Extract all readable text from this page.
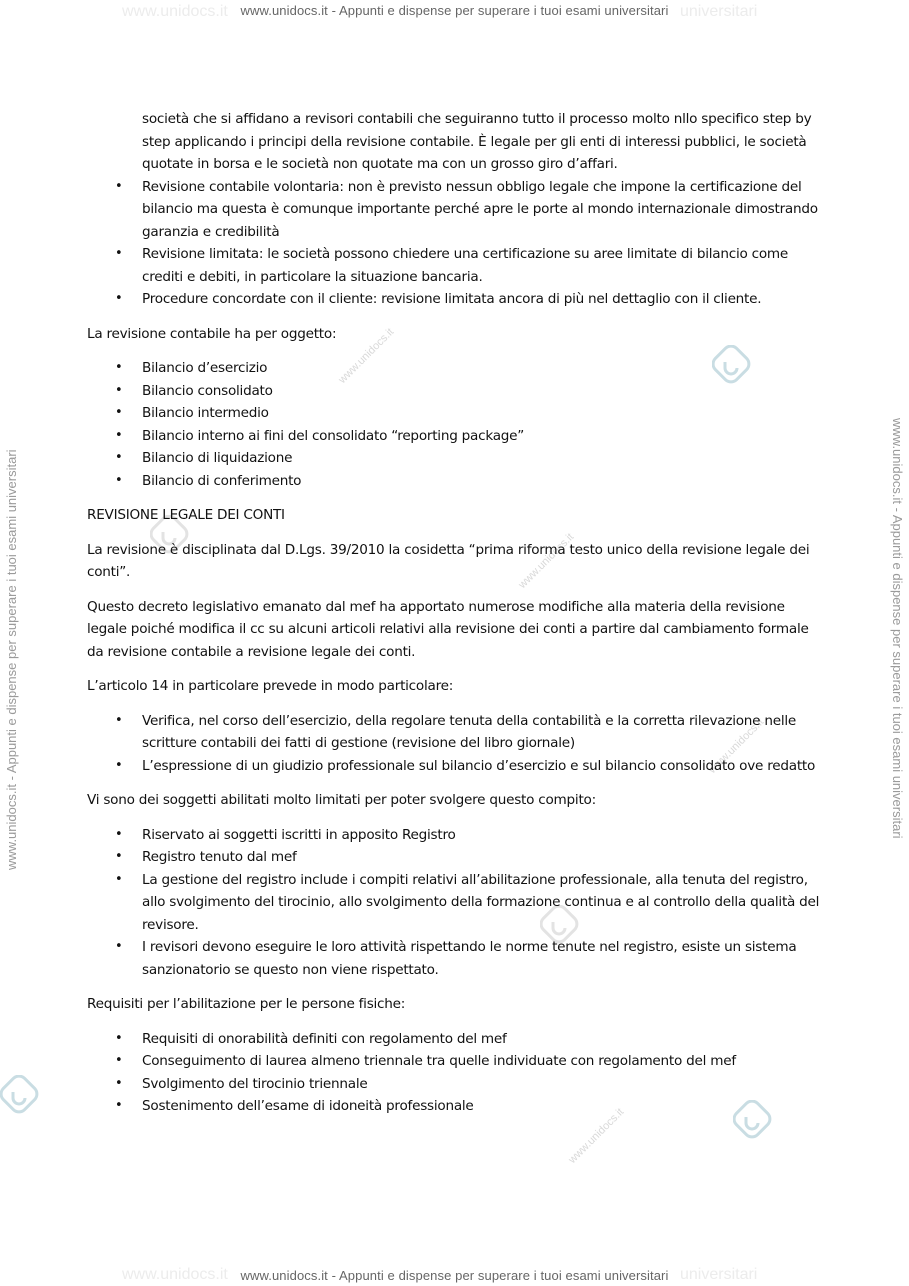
www.unidocs.it	universitari
www.unidocs.it - Appunti e dispense per superare i tuoi esami universitari
www.unidocs.it - Appunti e dispense per superare i tuoi esami universitari	www.unidocs.it - Appunti e dispense per superare i tuoi esami universitari
www.unidocs.it
www.unidocs.it
www.unidocs.it
www.unidocs.it

società che si affidano a revisori contabili che seguiranno tutto il processo molto nllo specifico step by step applicando i principi della revisione contabile. È legale per gli enti di interessi pubblici, le società quotate in borsa e le società non quotate ma con un grosso giro d’affari.

• Revisione contabile volontaria: non è previsto nessun obbligo legale che impone la certificazione del bilancio ma questa è comunque importante perché apre le porte al mondo internazionale dimostrando garanzia e credibilità
• Revisione limitata: le società possono chiedere una certificazione su aree limitate di bilancio come crediti e debiti, in particolare la situazione bancaria.
• Procedure concordate con il cliente: revisione limitata ancora di più nel dettaglio con il cliente.

La revisione contabile ha per oggetto:

• Bilancio d’esercizio
• Bilancio consolidato
• Bilancio intermedio
• Bilancio interno ai fini del consolidato “reporting package”
• Bilancio di liquidazione
• Bilancio di conferimento

REVISIONE LEGALE DEI CONTI

La revisione è disciplinata dal D.Lgs. 39/2010 la cosidetta “prima riforma testo unico della revisione legale dei conti”.

Questo decreto legislativo emanato dal mef ha apportato numerose modifiche alla materia della revisione legale poiché modifica il cc su alcuni articoli relativi alla revisione dei conti a partire dal cambiamento formale da revisione contabile a revisione legale dei conti.

L’articolo 14 in particolare prevede in modo particolare:

• Verifica, nel corso dell’esercizio, della regolare tenuta della contabilità e la corretta rilevazione nelle scritture contabili dei fatti di gestione (revisione del libro giornale)
• L’espressione di un giudizio professionale sul bilancio d’esercizio e sul bilancio consolidato ove redatto

Vi sono dei soggetti abilitati molto limitati per poter svolgere questo compito:

• Riservato ai soggetti iscritti in apposito Registro
• Registro tenuto dal mef
• La gestione del registro include i compiti relativi all’abilitazione professionale, alla tenuta del registro, allo svolgimento del tirocinio, allo svolgimento della formazione continua e al controllo della qualità del revisore.
• I revisori devono eseguire le loro attività rispettando le norme tenute nel registro, esiste un sistema sanzionatorio se questo non viene rispettato.

Requisiti per l’abilitazione per le persone fisiche:

• Requisiti di onorabilità definiti con regolamento del mef
• Conseguimento di laurea almeno triennale tra quelle individuate con regolamento del mef
• Svolgimento del tirocinio triennale
• Sostenimento dell’esame di idoneità professionale
www.unidocs.it	universitari
www.unidocs.it - Appunti e dispense per superare i tuoi esami universitari
